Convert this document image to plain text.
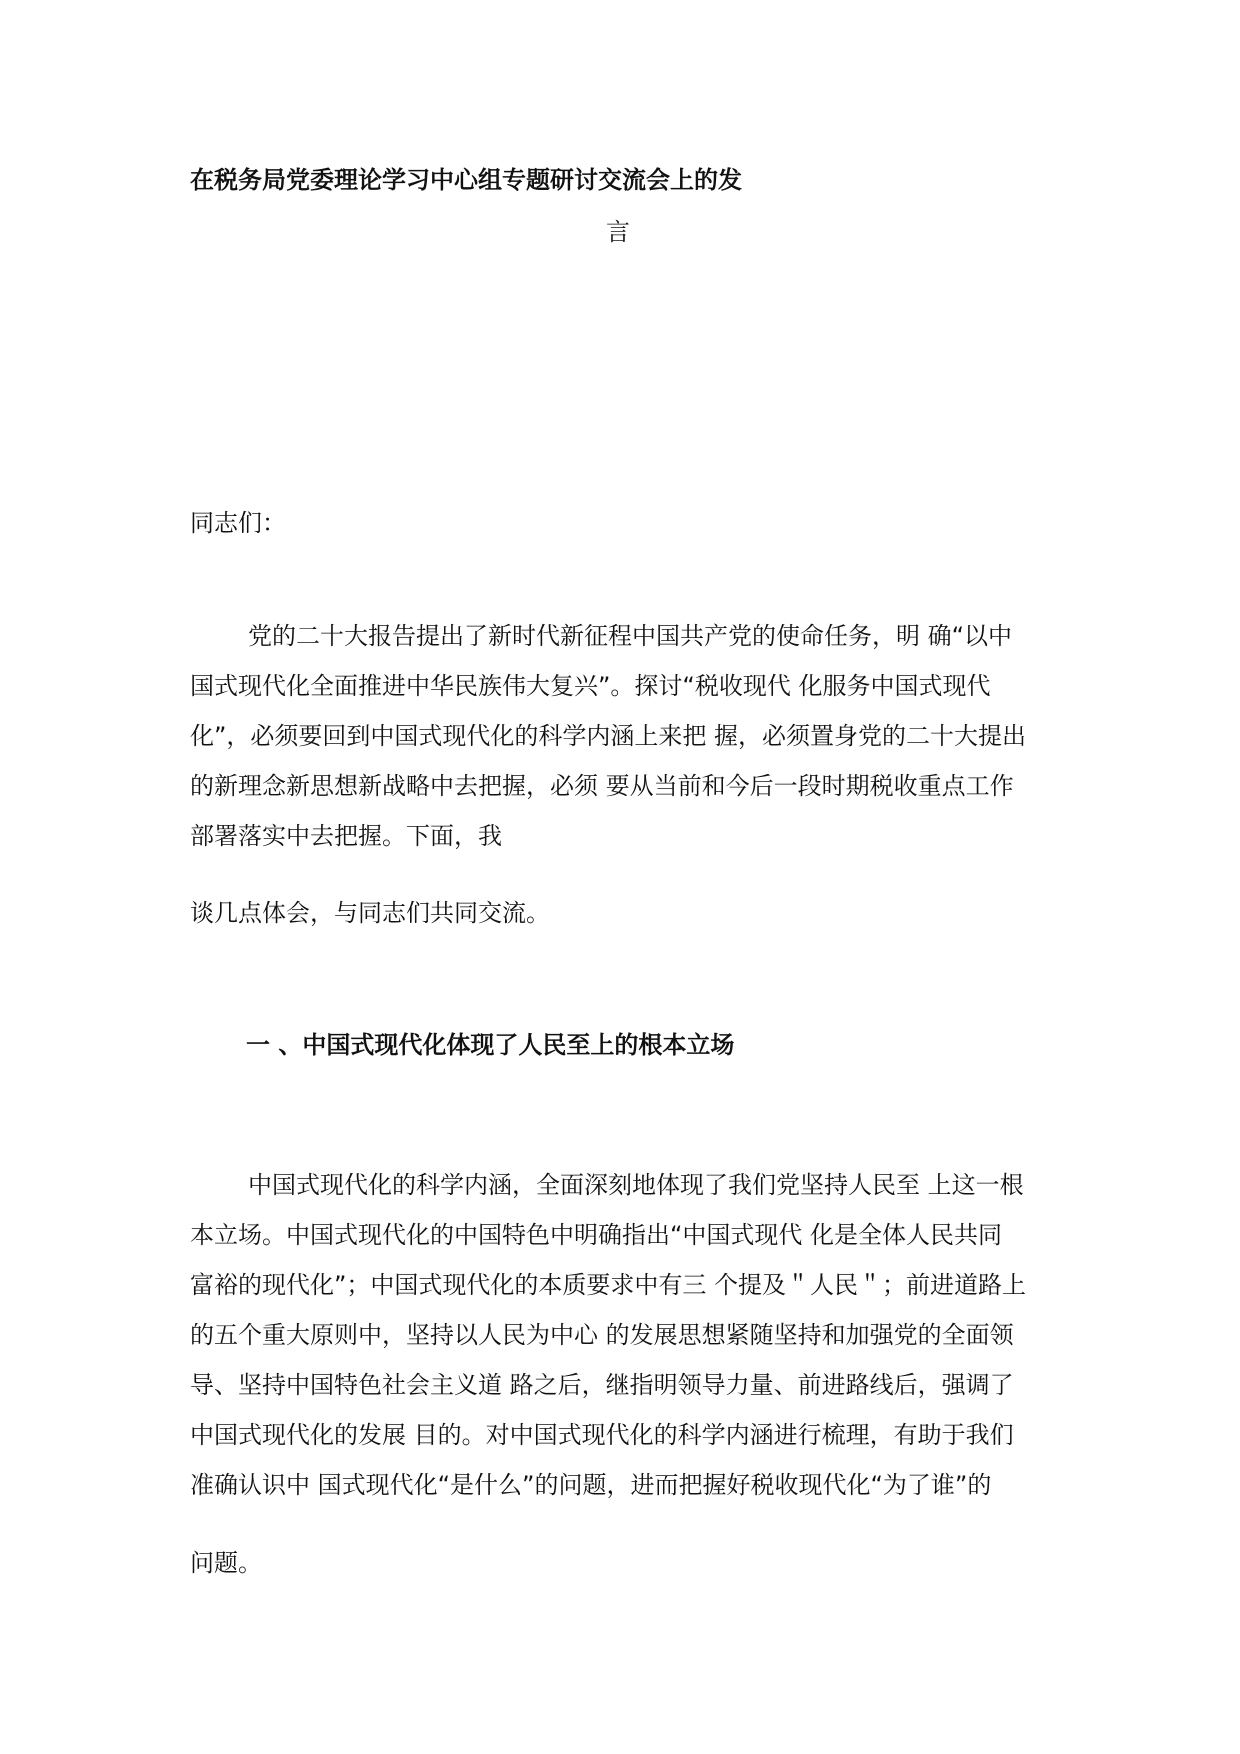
在税务局党委理论学习中心组专题研讨交流会上的发
言
同志们：
党的二十大报告提出了新时代新征程中国共产党的使命任务，明 确“以中
国式现代化全面推进中华民族伟大复兴”。探讨“税收现代 化服务中国式现代
化”，必须要回到中国式现代化的科学内涵上来把 握，必须置身党的二十大提出
的新理念新思想新战略中去把握，必须 要从当前和今后一段时期税收重点工作
部署落实中去把握。下面，我
谈几点体会，与同志们共同交流。
一 、中国式现代化体现了人民至上的根本立场
中国式现代化的科学内涵，全面深刻地体现了我们党坚持人民至 上这一根
本立场。中国式现代化的中国特色中明确指出“中国式现代 化是全体人民共同
富裕的现代化”；中国式现代化的本质要求中有三 个提及＂人民＂；前进道路上
的五个重大原则中，坚持以人民为中心 的发展思想紧随坚持和加强党的全面领
导、坚持中国特色社会主义道 路之后，继指明领导力量、前进路线后，强调了
中国式现代化的发展 目的。对中国式现代化的科学内涵进行梳理，有助于我们
准确认识中 国式现代化“是什么”的问题，进而把握好税收现代化“为了谁”的
问题。
